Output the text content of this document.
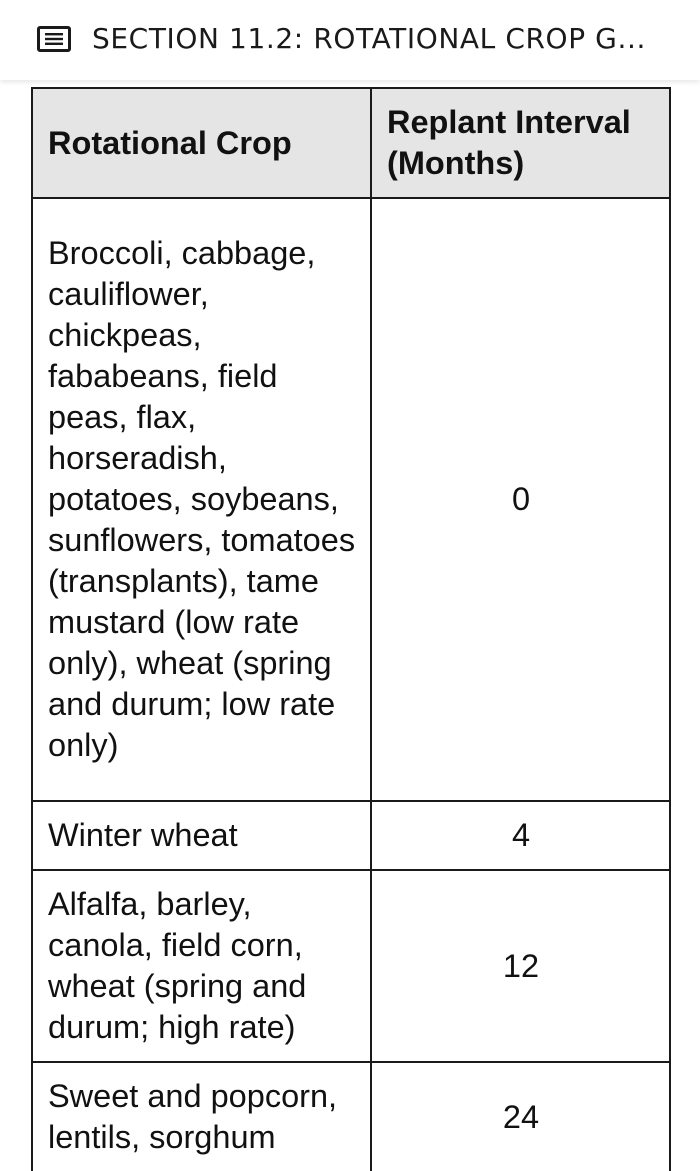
SECTION 11.2: ROTATIONAL CROP G...
Rotational Crop	Replant Interval (Months)

Broccoli, cabbage, cauliflower, chickpeas, fababeans, field peas, flax, horseradish, potatoes, soybeans, sunflowers, tomatoes (transplants), tame mustard (low rate only), wheat (spring and durum; low rate only)	0

Winter wheat	4

Alfalfa, barley, canola, field corn, wheat (spring and durum; high rate)	12

Sweet and popcorn, lentils, sorghum	24
